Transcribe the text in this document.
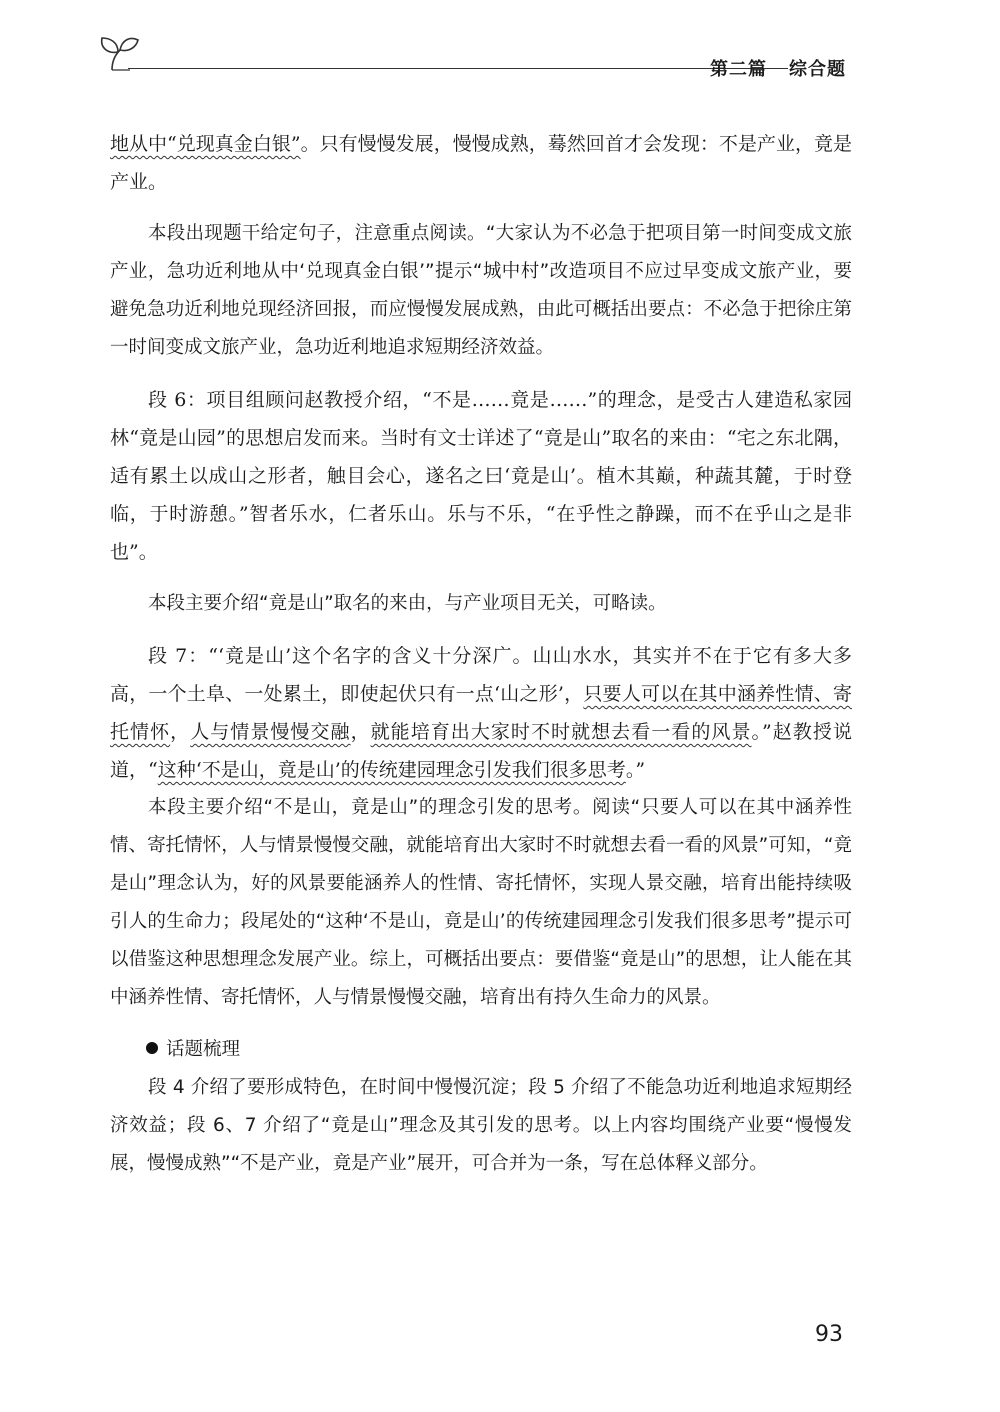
第二篇 综合题

地从中“兑现真金白银”。只有慢慢发展，慢慢成熟，蓦然回首才会发现：不是产业，竟是产业。

本段出现题干给定句子，注意重点阅读。“大家认为不必急于把项目第一时间变成文旅产业，急功近利地从中‘兑现真金白银’”提示“城中村”改造项目不应过早变成文旅产业，要避免急功近利地兑现经济回报，而应慢慢发展成熟，由此可概括出要点：不必急于把徐庄第一时间变成文旅产业，急功近利地追求短期经济效益。

段 6：项目组顾问赵教授介绍，“不是……竟是……”的理念，是受古人建造私家园林“竟是山园”的思想启发而来。当时有文士详述了“竟是山”取名的来由：“宅之东北隅，适有累土以成山之形者，触目会心，遂名之曰‘竟是山’。植木其巅，种蔬其麓，于时登临，于时游憩。”智者乐水，仁者乐山。乐与不乐，“在乎性之静躁，而不在乎山之是非也”。

本段主要介绍“竟是山”取名的来由，与产业项目无关，可略读。

段 7：“‘竟是山’这个名字的含义十分深广。山山水水，其实并不在于它有多大多高，一个土阜、一处累土，即使起伏只有一点‘山之形’，只要人可以在其中涵养性情、寄托情怀，人与情景慢慢交融，就能培育出大家时不时就想去看一看的风景。”赵教授说道，“这种‘不是山，竟是山’的传统建园理念引发我们很多思考。”

本段主要介绍“不是山，竟是山”的理念引发的思考。阅读“只要人可以在其中涵养性情、寄托情怀，人与情景慢慢交融，就能培育出大家时不时就想去看一看的风景”可知，“竟是山”理念认为，好的风景要能涵养人的性情、寄托情怀，实现人景交融，培育出能持续吸引人的生命力；段尾处的“这种‘不是山，竟是山’的传统建园理念引发我们很多思考”提示可以借鉴这种思想理念发展产业。综上，可概括出要点：要借鉴“竟是山”的思想，让人能在其中涵养性情、寄托情怀，人与情景慢慢交融，培育出有持久生命力的风景。

话题梳理

段 4 介绍了要形成特色，在时间中慢慢沉淀；段 5 介绍了不能急功近利地追求短期经济效益；段 6、7 介绍了“竟是山”理念及其引发的思考。以上内容均围绕产业要“慢慢发展，慢慢成熟”“不是产业，竟是产业”展开，可合并为一条，写在总体释义部分。

93
